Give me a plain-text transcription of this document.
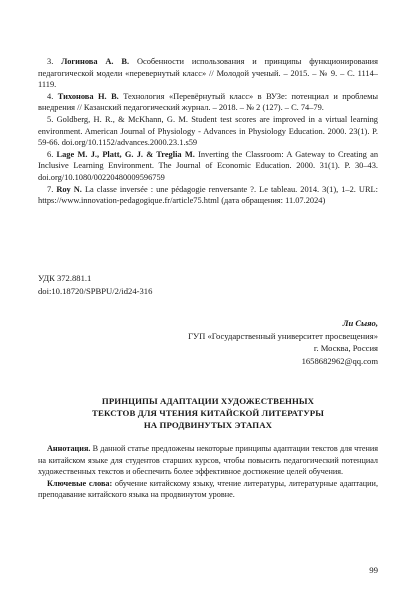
3. Логинова А. В. Особенности использования и принципы функционирования педагогической модели «перевернутый класс» // Молодой ученый. – 2015. – № 9. – С. 1114–1119.

4. Тихонова Н. В. Технология «Перевёрнутый класс» в ВУЗе: потенциал и проблемы внедрения // Казанский педагогический журнал. – 2018. – № 2 (127). – С. 74–79.

5. Goldberg, H. R., & McKhann, G. M. Student test scores are improved in a virtual learning environment. American Journal of Physiology - Advances in Physiology Education. 2000. 23(1). P. 59-66. doi.org/10.1152/advances.2000.23.1.s59

6. Lage M. J., Platt, G. J. & Treglia M. Inverting the Classroom: A Gateway to Creating an Inclusive Learning Environment. The Journal of Economic Education. 2000. 31(1). P. 30–43. doi.org/10.1080/00220480009596759

7. Roy N. La classe inversée : une pédagogie renversante ?. Le tableau. 2014. 3(1), 1–2. URL: https://www.innovation-pedagogique.fr/article75.html (дата обращения: 11.07.2024)

УДК 372.881.1
doi:10.18720/SPBPU/2/id24-316
Ли Сыяо,
ГУП «Государственный университет просвещения»
г. Москва, Россия
1658682962@qq.com
ПРИНЦИПЫ АДАПТАЦИИ ХУДОЖЕСТВЕННЫХ
ТЕКСТОВ ДЛЯ ЧТЕНИЯ КИТАЙСКОЙ ЛИТЕРАТУРЫ
НА ПРОДВИНУТЫХ ЭТАПАХ

Аннотация. В данной статье предложены некоторые принципы адаптации текстов для чтения на китайском языке для студентов старших курсов, чтобы повысить педагогический потенциал художественных текстов и обеспечить более эффективное достижение целей обучения.

Ключевые слова: обучение китайскому языку, чтение литературы, литературные адаптации, преподавание китайского языка на продвинутом уровне.

99
